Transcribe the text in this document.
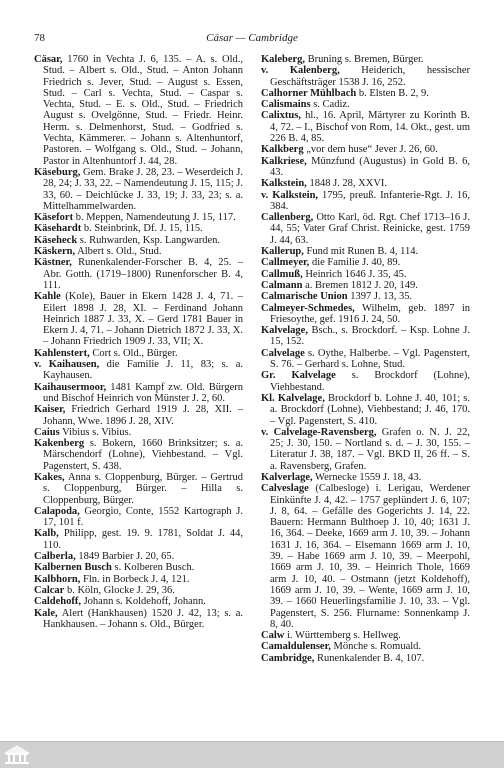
78	Cäsar — Cambridge

Cäsar, 1760 in Vechta J. 6, 135. – A. s. Old., Stud. – Albert s. Old., Stud. – Anton Johann Friedrich s. Jever, Stud. – August s. Essen, Stud. – Carl s. Vechta, Stud. – Caspar s. Vechta, Stud. – E. s. Old., Stud. – Friedrich August s. Ovelgönne, Stud. – Friedr. Heinr. Herm. s. Delmenhorst, Stud. – Godfried s. Vechta, Kämmerer. – Johann s. Altenhuntorf, Pastoren. – Wolfgang s. Old., Stud. – Johann, Pastor in Altenhuntorf J. 44, 28.

Käseburg, Gem. Brake J. 28, 23. – Weserdeich J. 28, 24; J. 33, 22. – Namendeutung J. 15, 115; J. 33, 60. – Deichlücke J. 33, 19; J. 33, 23; s. a. Mittelhammelwarden.

Käsefort b. Meppen, Namendeutung J. 15, 117.

Käsehardt b. Steinbrink, Df. J. 15, 115.

Käseheck s. Ruhwarden, Ksp. Langwarden.

Käskern, Albert s. Old., Stud.

Kästner, Runenkalender-Forscher B. 4, 25. – Abr. Gotth. (1719–1800) Runenforscher B. 4, 111.

Kahle (Kole), Bauer in Ekern 1428 J. 4, 71. – Eilert 1898 J. 28, XI. – Ferdinand Johann Heinrich 1887 J. 33, X. – Gerd 1781 Bauer in Ekern J. 4, 71. – Johann Dietrich 1872 J. 33, X. – Johann Friedrich 1909 J. 33, VII; X.

Kahlenstert, Cort s. Old., Bürger.

v. Kaihausen, die Familie J. 11, 83; s. a. Kayhausen.

Kaihausermoor, 1481 Kampf zw. Old. Bürgern und Bischof Heinrich von Münster J. 2, 60.

Kaiser, Friedrich Gerhard 1919 J. 28, XII. – Johann, Wwe. 1896 J. 28, XIV.

Caius Vibius s. Vibius.

Kakenberg s. Bokern, 1660 Brinksitzer; s. a. Märschendorf (Lohne), Viehbestand. – Vgl. Pagenstert, S. 438.

Kakes, Anna s. Cloppenburg, Bürger. – Gertrud s. Cloppenburg, Bürger. – Hilla s. Cloppenburg, Bürger.

Calapoda, Georgio, Conte, 1552 Kartograph J. 17, 101 f.

Kalb, Philipp, gest. 19. 9. 1781, Soldat J. 44, 110.

Calberla, 1849 Barbier J. 20, 65.

Kalbernen Busch s. Kolberen Busch.

Kalbhorn, Fln. in Borbeck J. 4, 121.

Calcar b. Köln, Glocke J. 29, 36.

Caldehoff, Johann s. Koldehoff, Johann.

Kale, Alert (Hankhausen) 1520 J. 42, 13; s. a. Hankhausen. – Johann s. Old., Bürger.

Kaleberg, Bruning s. Bremen, Bürger.

v. Kalenberg, Heiderich, hessischer Geschäftsträger 1538 J. 16, 252.

Calhorner Mühlbach b. Elsten B. 2, 9.

Calismains s. Cadiz.

Calixtus, hl., 16. April, Märtyrer zu Korinth B. 4, 72. – I., Bischof von Rom, 14. Okt., gest. um 226 B. 4, 85.

Kalkberg „vor dem huse“ Jever J. 26, 60.

Kalkriese, Münzfund (Augustus) in Gold B. 6, 43.

Kalkstein, 1848 J. 28, XXVI.

v. Kalkstein, 1795, preuß. Infanterie-Rgt. J. 16, 384.

Callenberg, Otto Karl, öd. Rgt. Chef 1713–16 J. 44, 55; Vater Graf Christ. Reinicke, gest. 1759 J. 44, 63.

Kallerup, Fund mit Runen B. 4, 114.

Callmeyer, die Familie J. 40, 89.

Callmuß, Heinrich 1646 J. 35, 45.

Calmann a. Bremen 1812 J. 20, 149.

Calmarische Union 1397 J. 13, 35.

Calmeyer-Schmedes, Wilhelm, geb. 1897 in Friesoythe, gef. 1916 J. 24, 50.

Kalvelage, Bsch., s. Brockdorf. – Ksp. Lohne J. 15, 152.

Calvelage s. Oythe, Halberbe. – Vgl. Pagenstert, S. 76. – Gerhard s. Lohne, Stud.

Gr. Kalvelage s. Brockdorf (Lohne), Viehbestand.

Kl. Kalvelage, Brockdorf b. Lohne J. 40, 101; s. a. Brockdorf (Lohne), Viehbestand; J. 46, 170. – Vgl. Pagenstert, S. 410.

v. Calvelage-Ravensberg, Grafen o. N. J. 22, 25; J. 30, 150. – Nortland s. d. – J. 30, 155. – Literatur J. 38, 187. – Vgl. BKD II, 26 ff. – S. a. Ravensberg, Grafen.

Kalverlage, Wernecke 1559 J. 18, 43.

Calveslage (Calbesloge) i. Lerigau, Werdener Einkünfte J. 4, 42. – 1757 geplündert J. 6, 107; J. 8, 64. – Gefälle des Gogerichts J. 14, 22. Bauern: Hermann Bulthoep J. 10, 40; 1631 J. 16, 364. – Deeke, 1669 arm J. 10, 39. – Johann 1631 J. 16, 364. – Elsemann 1669 arm J. 10, 39. – Habe 1669 arm J. 10, 39. – Meerpohl, 1669 arm J. 10, 39. – Heinrich Thole, 1669 arm J. 10, 40. – Ostmann (jetzt Koldehoff), 1669 arm J. 10, 39. – Wente, 1669 arm J. 10, 39. – 1660 Heuerlingsfamilie J. 10, 33. – Vgl. Pagenstert, S. 256. Flurname: Sonnenkamp J. 8, 40.

Calw i. Württemberg s. Hellweg.

Camaldulenser, Mönche s. Romuald.

Cambridge, Runenkalender B. 4, 107.
